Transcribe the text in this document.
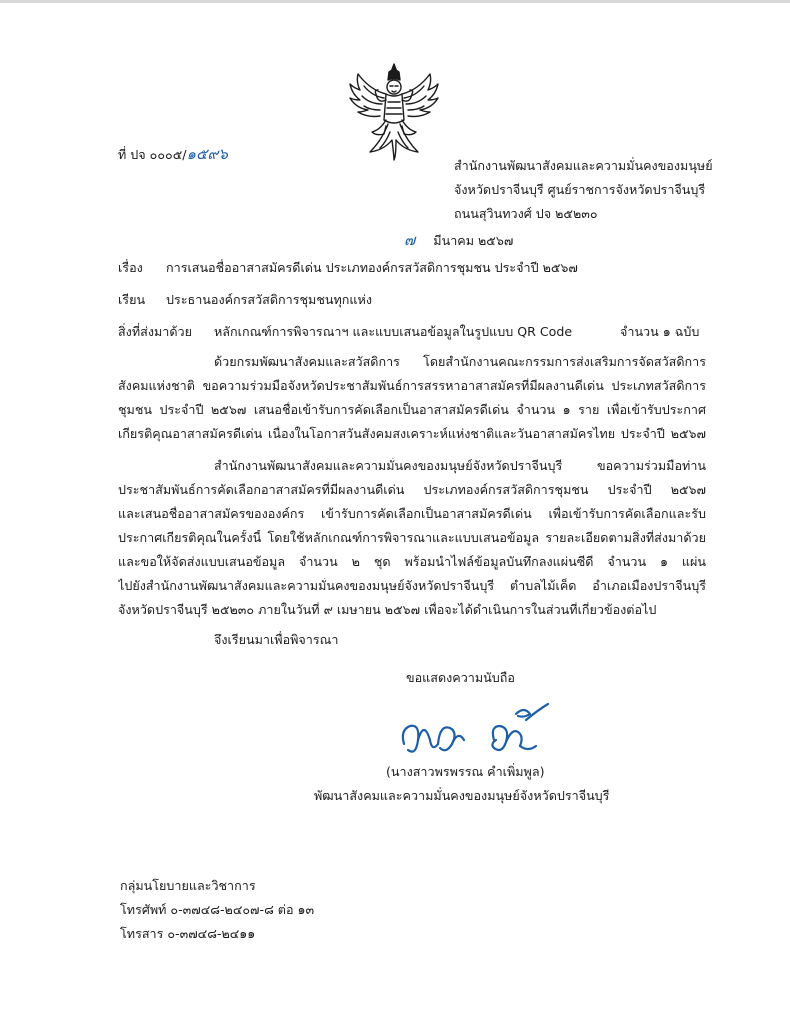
ที่ ปจ ๐๐๐๕/๑๕๙๖
สำนักงานพัฒนาสังคมและความมั่นคงของมนุษย์
จังหวัดปราจีนบุรี ศูนย์ราชการจังหวัดปราจีนบุรี
ถนนสุวินทวงศ์ ปจ ๒๕๒๓๐
๗ มีนาคม ๒๕๖๗
เรื่อง การเสนอชื่ออาสาสมัครดีเด่น ประเภทองค์กรสวัสดิการชุมชน ประจำปี ๒๕๖๗
เรียน ประธานองค์กรสวัสดิการชุมชนทุกแห่ง
สิ่งที่ส่งมาด้วย หลักเกณฑ์การพิจารณาฯ และแบบเสนอข้อมูลในรูปแบบ QR Code	จำนวน ๑ ฉบับ
ด้วยกรมพัฒนาสังคมและสวัสดิการ โดยสำนักงานคณะกรรมการส่งเสริมการจัดสวัสดิการ
สังคมแห่งชาติ ขอความร่วมมือจังหวัดประชาสัมพันธ์การสรรหาอาสาสมัครที่มีผลงานดีเด่น ประเภทสวัสดิการ
ชุมชน ประจำปี ๒๕๖๗ เสนอชื่อเข้ารับการคัดเลือกเป็นอาสาสมัครดีเด่น จำนวน ๑ ราย เพื่อเข้ารับประกาศ
เกียรติคุณอาสาสมัครดีเด่น เนื่องในโอกาสวันสังคมสงเคราะห์แห่งชาติและวันอาสาสมัครไทย ประจำปี ๒๕๖๗
สำนักงานพัฒนาสังคมและความมั่นคงของมนุษย์จังหวัดปราจีนบุรี ขอความร่วมมือท่าน
ประชาสัมพันธ์การคัดเลือกอาสาสมัครที่มีผลงานดีเด่น ประเภทองค์กรสวัสดิการชุมชน ประจำปี ๒๕๖๗
และเสนอชื่ออาสาสมัครขององค์กร เข้ารับการคัดเลือกเป็นอาสาสมัครดีเด่น เพื่อเข้ารับการคัดเลือกและรับ
ประกาศเกียรติคุณในครั้งนี้ โดยใช้หลักเกณฑ์การพิจารณาและแบบเสนอข้อมูล รายละเอียดตามสิ่งที่ส่งมาด้วย
และขอให้จัดส่งแบบเสนอข้อมูล จำนวน ๒ ชุด พร้อมนำไฟล์ข้อมูลบันทึกลงแผ่นซีดี จำนวน ๑ แผ่น
ไปยังสำนักงานพัฒนาสังคมและความมั่นคงของมนุษย์จังหวัดปราจีนบุรี ตำบลไม้เค็ด อำเภอเมืองปราจีนบุรี
จังหวัดปราจีนบุรี ๒๕๒๓๐ ภายในวันที่ ๙ เมษายน ๒๕๖๗ เพื่อจะได้ดำเนินการในส่วนที่เกี่ยวข้องต่อไป
จึงเรียนมาเพื่อพิจารณา
ขอแสดงความนับถือ
(นางสาวพรพรรณ คำเพิ่มพูล)
พัฒนาสังคมและความมั่นคงของมนุษย์จังหวัดปราจีนบุรี
กลุ่มนโยบายและวิชาการ
โทรศัพท์ ๐-๓๗๔๘-๒๔๐๗-๘ ต่อ ๑๓
โทรสาร ๐-๓๗๔๘-๒๔๑๑
